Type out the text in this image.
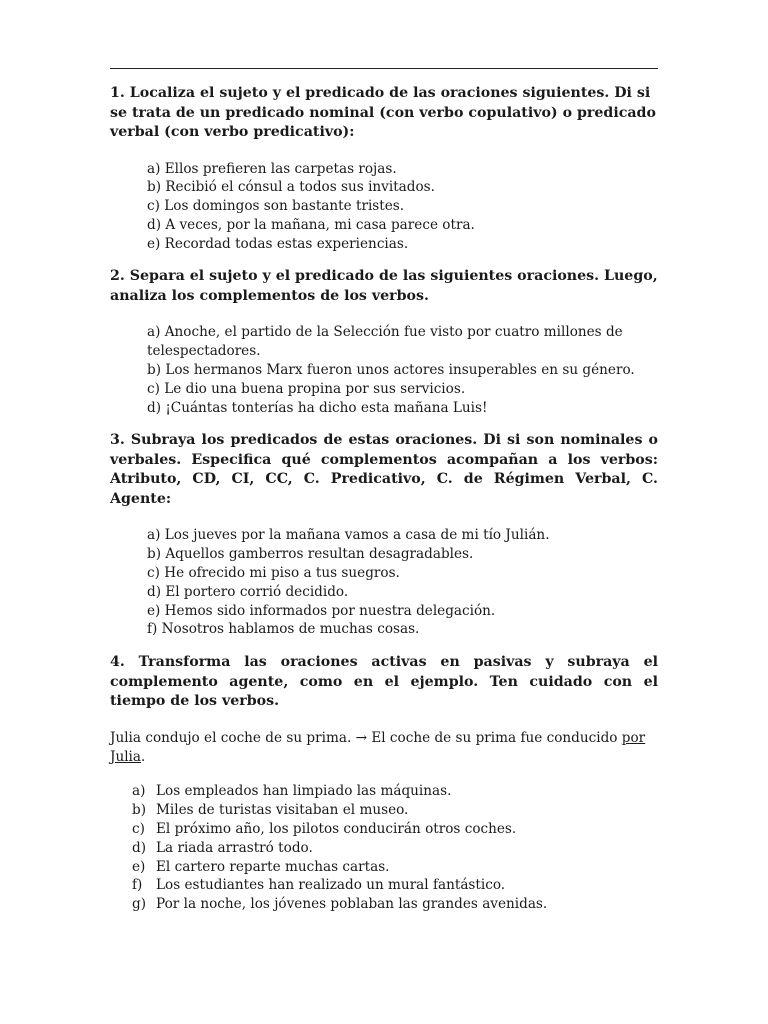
1. Localiza el sujeto y el predicado de las oraciones siguientes. Di si se trata de un predicado nominal (con verbo copulativo) o predicado verbal (con verbo predicativo):

a) Ellos prefieren las carpetas rojas.
b) Recibió el cónsul a todos sus invitados.
c) Los domingos son bastante tristes.
d) A veces, por la mañana, mi casa parece otra.
e) Recordad todas estas experiencias.

2. Separa el sujeto y el predicado de las siguientes oraciones. Luego, analiza los complementos de los verbos.

a) Anoche, el partido de la Selección fue visto por cuatro millones de telespectadores.
b) Los hermanos Marx fueron unos actores insuperables en su género.
c) Le dio una buena propina por sus servicios.
d) ¡Cuántas tonterías ha dicho esta mañana Luis!

3. Subraya los predicados de estas oraciones. Di si son nominales o verbales. Especifica qué complementos acompañan a los verbos: Atributo, CD, CI, CC, C. Predicativo, C. de Régimen Verbal, C. Agente:

a) Los jueves por la mañana vamos a casa de mi tío Julián.
b) Aquellos gamberros resultan desagradables.
c) He ofrecido mi piso a tus suegros.
d) El portero corrió decidido.
e) Hemos sido informados por nuestra delegación.
f) Nosotros hablamos de muchas cosas.

4. Transforma las oraciones activas en pasivas y subraya el complemento agente, como en el ejemplo. Ten cuidado con el tiempo de los verbos.

Julia condujo el coche de su prima. → El coche de su prima fue conducido por Julia.

a) Los empleados han limpiado las máquinas.
b) Miles de turistas visitaban el museo.
c) El próximo año, los pilotos conducirán otros coches.
d) La riada arrastró todo.
e) El cartero reparte muchas cartas.
f)	Los estudiantes han realizado un mural fantástico.
g) Por la noche, los jóvenes poblaban las grandes avenidas.
